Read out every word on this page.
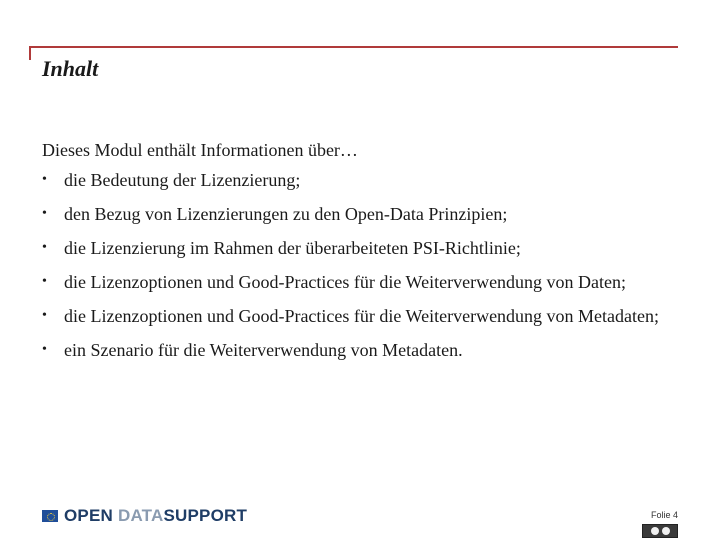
Inhalt
Dieses Modul enthält Informationen über…
• die Bedeutung der Lizenzierung;
• den Bezug von Lizenzierungen zu den Open-Data Prinzipien;
• die Lizenzierung im Rahmen der überarbeiteten PSI-Richtlinie;
• die Lizenzoptionen und Good-Practices für die Weiterverwendung von Daten;
• die Lizenzoptionen und Good-Practices für die Weiterverwendung von Metadaten;
• ein Szenario für die Weiterverwendung von Metadaten.
OPEN DATA SUPPORT	Folie 4
